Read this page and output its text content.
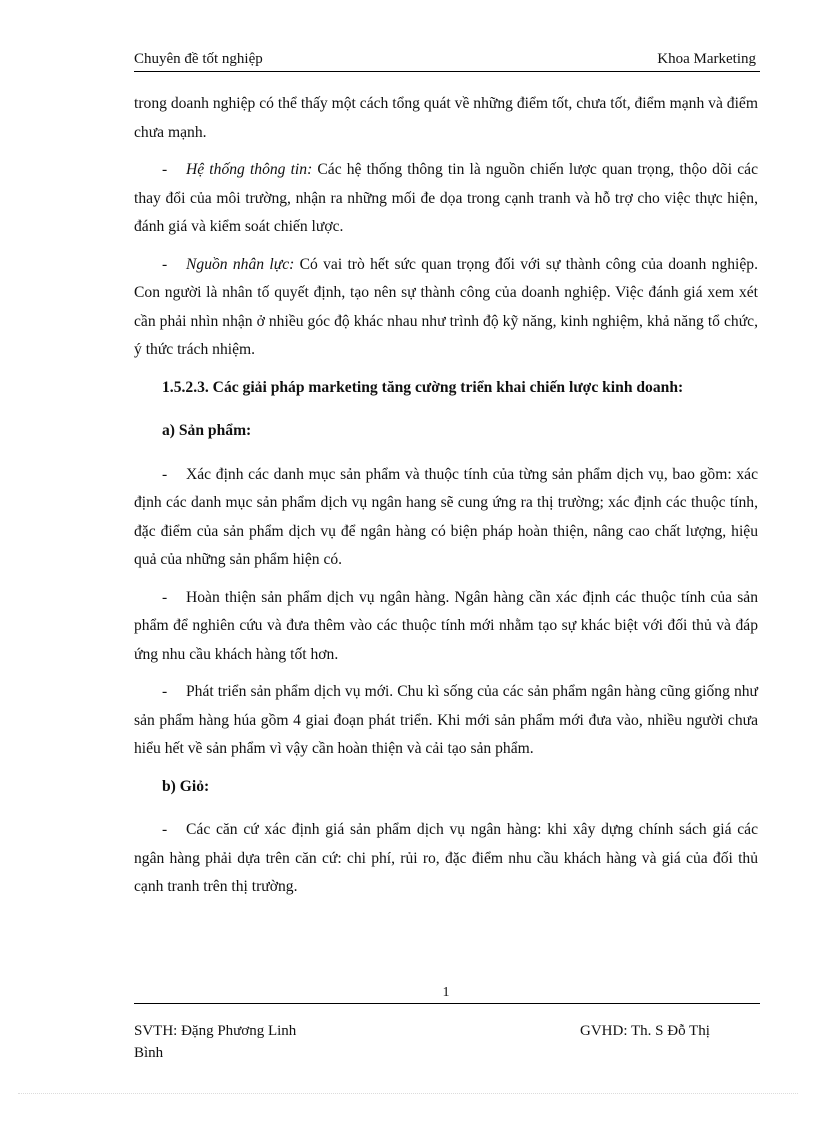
Chuyên đề tốt nghiệp	Khoa Marketing

trong doanh nghiệp có thể thấy một cách tổng quát về những điểm tốt, chưa tốt, điểm mạnh và điểm chưa mạnh.

- Hệ thống thông tin: Các hệ thống thông tin là nguồn chiến lược quan trọng, thộo dõi các thay đổi của môi trường, nhận ra những mối đe dọa trong cạnh tranh và hỗ trợ cho việc thực hiện, đánh giá và kiểm soát chiến lược.

- Nguồn nhân lực: Có vai trò hết sức quan trọng đối với sự thành công của doanh nghiệp. Con người là nhân tố quyết định, tạo nên sự thành công của doanh nghiệp. Việc đánh giá xem xét cần phải nhìn nhận ở nhiều góc độ khác nhau như trình độ kỹ năng, kinh nghiệm, khả năng tổ chức, ý thức trách nhiệm.

1.5.2.3. Các giải pháp marketing tăng cường triển khai chiến lược kinh doanh:

a) Sản phẩm:

- Xác định các danh mục sản phẩm và thuộc tính của từng sản phẩm dịch vụ, bao gồm: xác định các danh mục sản phẩm dịch vụ ngân hang sẽ cung ứng ra thị trường; xác định các thuộc tính, đặc điểm của sản phẩm dịch vụ để ngân hàng có biện pháp hoàn thiện, nâng cao chất lượng, hiệu quả của những sản phẩm hiện có.

- Hoàn thiện sản phẩm dịch vụ ngân hàng. Ngân hàng cần xác định các thuộc tính của sản phẩm để nghiên cứu và đưa thêm vào các thuộc tính mới nhằm tạo sự khác biệt với đối thủ và đáp ứng nhu cầu khách hàng tốt hơn.

- Phát triển sản phẩm dịch vụ mới. Chu kì sống của các sản phẩm ngân hàng cũng giống như sản phẩm hàng húa gồm 4 giai đoạn phát triển. Khi mới sản phẩm mới đưa vào, nhiều người chưa hiểu hết về sản phẩm vì vậy cần hoàn thiện và cải tạo sản phẩm.

b) Giỏ:

- Các căn cứ xác định giá sản phẩm dịch vụ ngân hàng: khi xây dựng chính sách giá các ngân hàng phải dựa trên căn cứ: chi phí, rủi ro, đặc điểm nhu cầu khách hàng và giá của đối thủ cạnh tranh trên thị trường.

1
SVTH: Đặng Phương Linh	GVHD: Th. S Đỗ Thị
Bình
